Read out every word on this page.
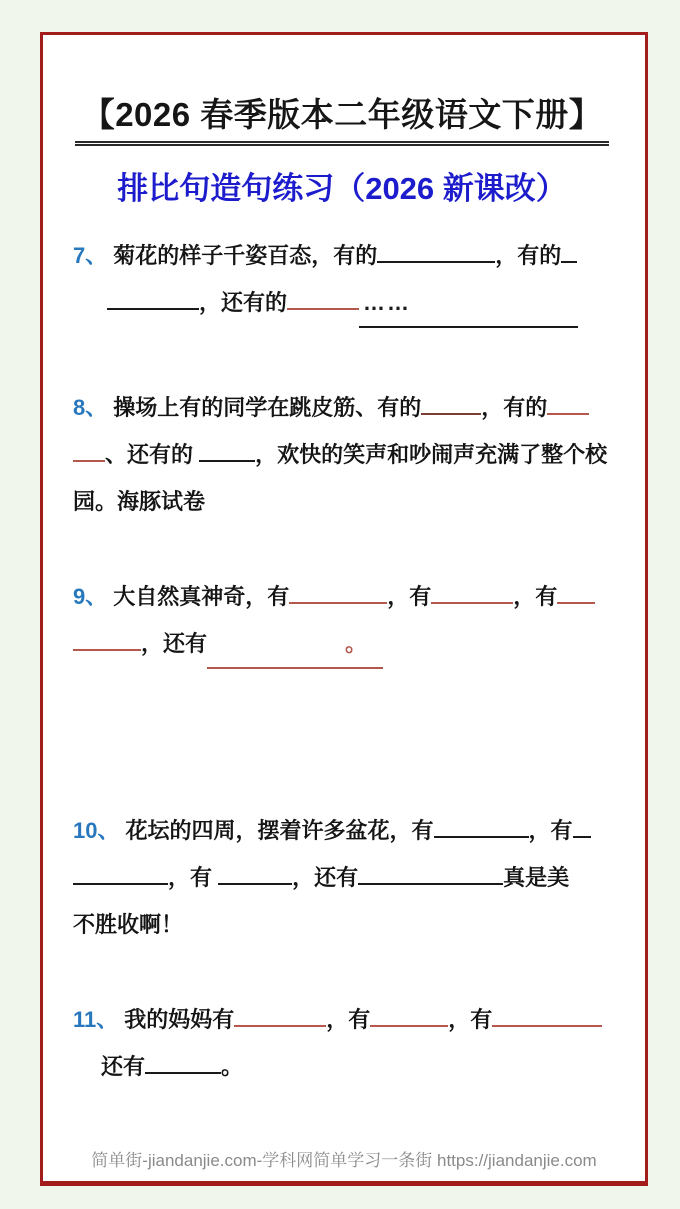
【2026 春季版本二年级语文下册】
排比句造句练习（2026 新课改）
7、 菊花的样子千姿百态，有的	，有的
，还有的	……
8、 操场上有的同学在跳皮筋、有的	，有的
、还有的	，欢快的笑声和吵闹声充满了整个校
园。海豚试卷
9、 大自然真神奇，有	，有	，有
，还有	。
10、 花坛的四周，摆着许多盆花，有	，有
，有	，还有	真是美
不胜收啊！
11、 我的妈妈有	，有	，有
还有	。
简单街-jiandanjie.com-学科网简单学习一条街 https://jiandanjie.com
